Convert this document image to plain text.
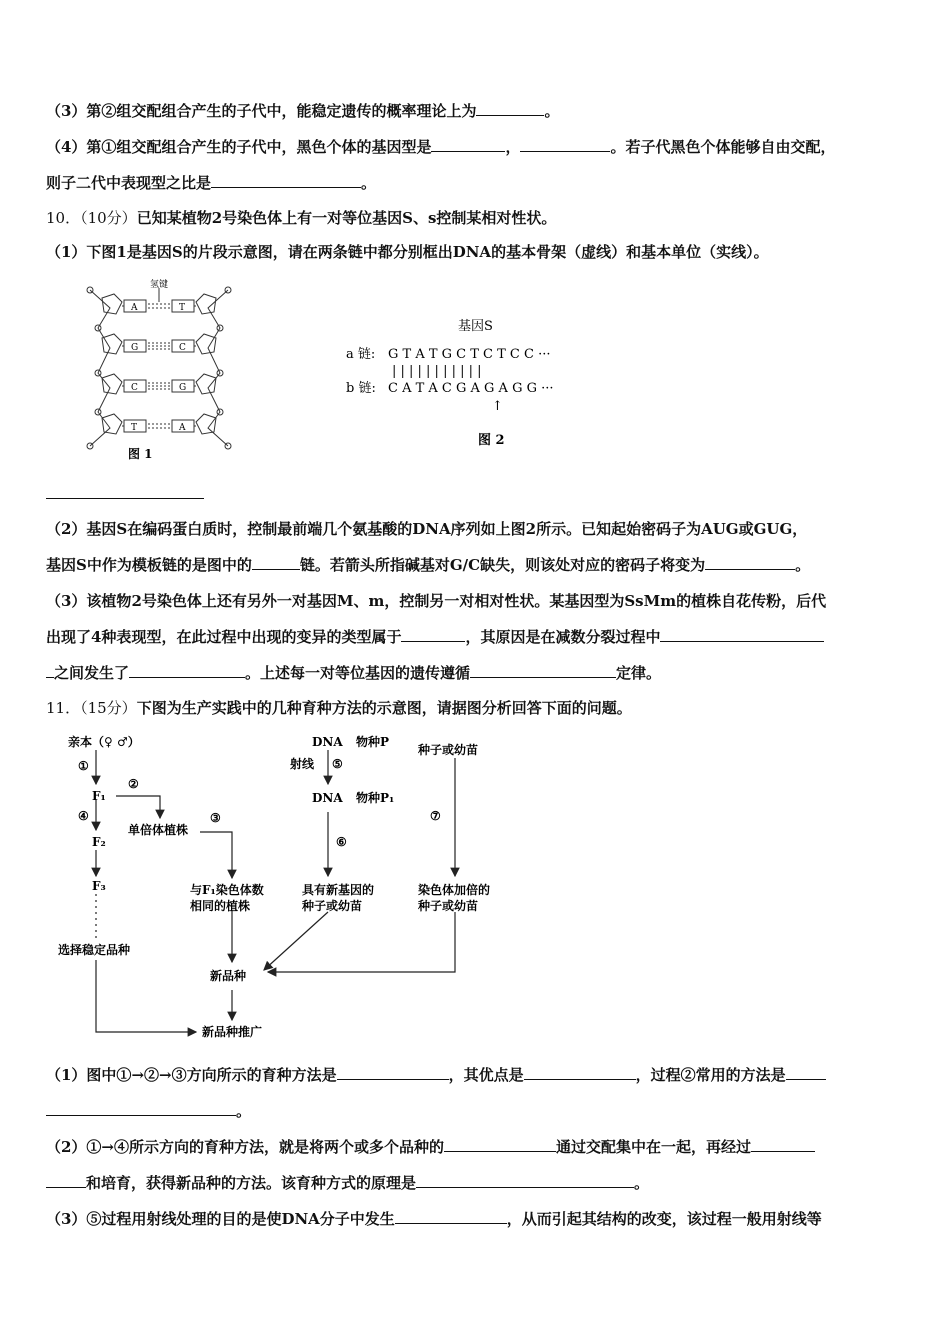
（3）第②组交配组合产生的子代中，能稳定遗传的概率理论上为	。
（4）第①组交配组合产生的子代中，黑色个体的基因型是	，	。若子代黑色个体能够自由交配，
则子二代中表现型之比是	。
10．（10分）已知某植物2号染色体上有一对等位基因S、s控制某相对性状。
（1）下图1是基因S的片段示意图，请在两条链中都分别框出DNA的基本骨架（虚线）和基本单位（实线）。
氢键
A	T
G	C
C	G
T	A
图 1
基因S
a 链: G T A T G C T C T C C ···
| | | | | | | | | | |
b 链: C A T A C G A G A G G ···
↑
图 2
（2）基因S在编码蛋白质时，控制最前端几个氨基酸的DNA序列如上图2所示。已知起始密码子为AUG或GUG，
基因S中作为模板链的是图中的	链。若箭头所指碱基对G/C缺失，则该处对应的密码子将变为	。
（3）该植物2号染色体上还有另外一对基因M、m，控制另一对相对性状。某基因型为SsMm的植株自花传粉，后代
出现了4种表现型，在此过程中出现的变异的类型属于	，其原因是在减数分裂过程中
之间发生了	。上述每一对等位基因的遗传遵循	定律。
11．（15分）下图为生产实践中的几种育种方法的示意图，请据图分析回答下面的问题。
亲本（♀ ♂）
①
②
F₁
④
单倍体植株
③
F₂
F₃	与F₁染色体数
相同的植株
选择稳定品种
DNA 物种P
射线 ⑤
DNA 物种P₁
⑥
具有新基因的
种子或幼苗
种子或幼苗
⑦
染色体加倍的
种子或幼苗
新品种
新品种推广
（1）图中①→②→③方向所示的育种方法是	，其优点是	，过程②常用的方法是
。
（2）①→④所示方向的育种方法，就是将两个或多个品种的	通过交配集中在一起，再经过
和培育，获得新品种的方法。该育种方式的原理是	。
（3）⑤过程用射线处理的目的是使DNA分子中发生	，从而引起其结构的改变，该过程一般用射线等
